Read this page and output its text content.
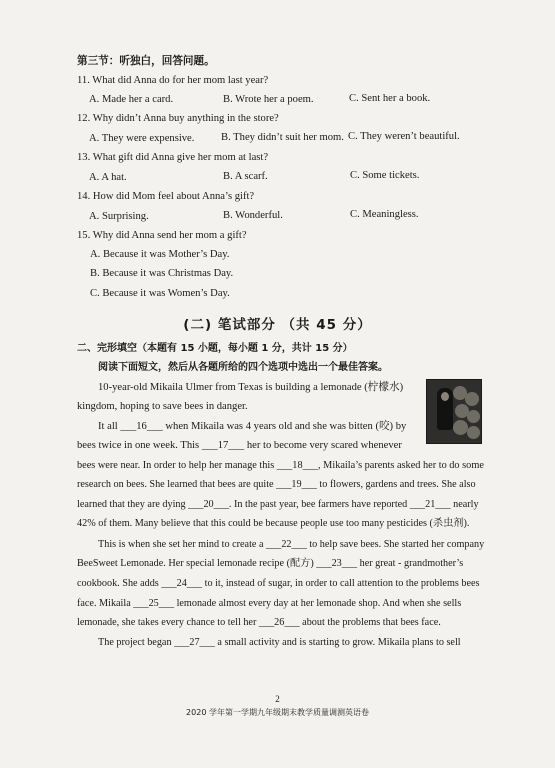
第三节：听独白，回答问题。
11. What did Anna do for her mom last year?
A. Made her a card.	B. Wrote her a poem.	C. Sent her a book.
12. Why didn’t Anna buy anything in the store?
A. They were expensive.	B. They didn’t suit her mom. C. They weren’t beautiful.
13. What gift did Anna give her mom at last?
A. A hat.	B. A scarf.	C. Some tickets.
14. How did Mom feel about Anna’s gift?
A. Surprising.	B. Wonderful.	C. Meaningless.
15. Why did Anna send her mom a gift?
A. Because it was Mother’s Day.
B. Because it was Christmas Day.
C. Because it was Women’s Day.
(二) 笔试部分 （共 45 分）
二、完形填空（本题有 15 小题，每小题 1 分，共计 15 分）
阅读下面短文，然后从各题所给的四个选项中选出一个最佳答案。
10-year-old Mikaila Ulmer from Texas is building a lemonade (柠檬水)
kingdom, hoping to save bees in danger.
It all ___16___ when Mikaila was 4 years old and she was bitten (咬) by
bees twice in one week. This ___17___ her to become very scared whenever
bees were near. In order to help her manage this ___18___, Mikaila’s parents asked her to do some
research on bees. She learned that bees are quite ___19___ to flowers, gardens and trees. She also
learned that they are dying ___20___. In the past year, bee farmers have reported ___21___ nearly
42% of them. Many believe that this could be because people use too many pesticides (杀虫剂).
This is when she set her mind to create a ___22___ to help save bees. She started her company
BeeSweet Lemonade. Her special lemonade recipe (配方) ___23___ her great - grandmother’s
cookbook. She adds ___24___ to it, instead of sugar, in order to call attention to the problems bees
face. Mikaila ___25___ lemonade almost every day at her lemonade shop. And when she sells
lemonade, she takes every chance to tell her ___26___ about the problems that bees face.
The project began ___27___ a small activity and is starting to grow. Mikaila plans to sell
2
2020 学年第一学期九年级期末教学质量调测英语卷
